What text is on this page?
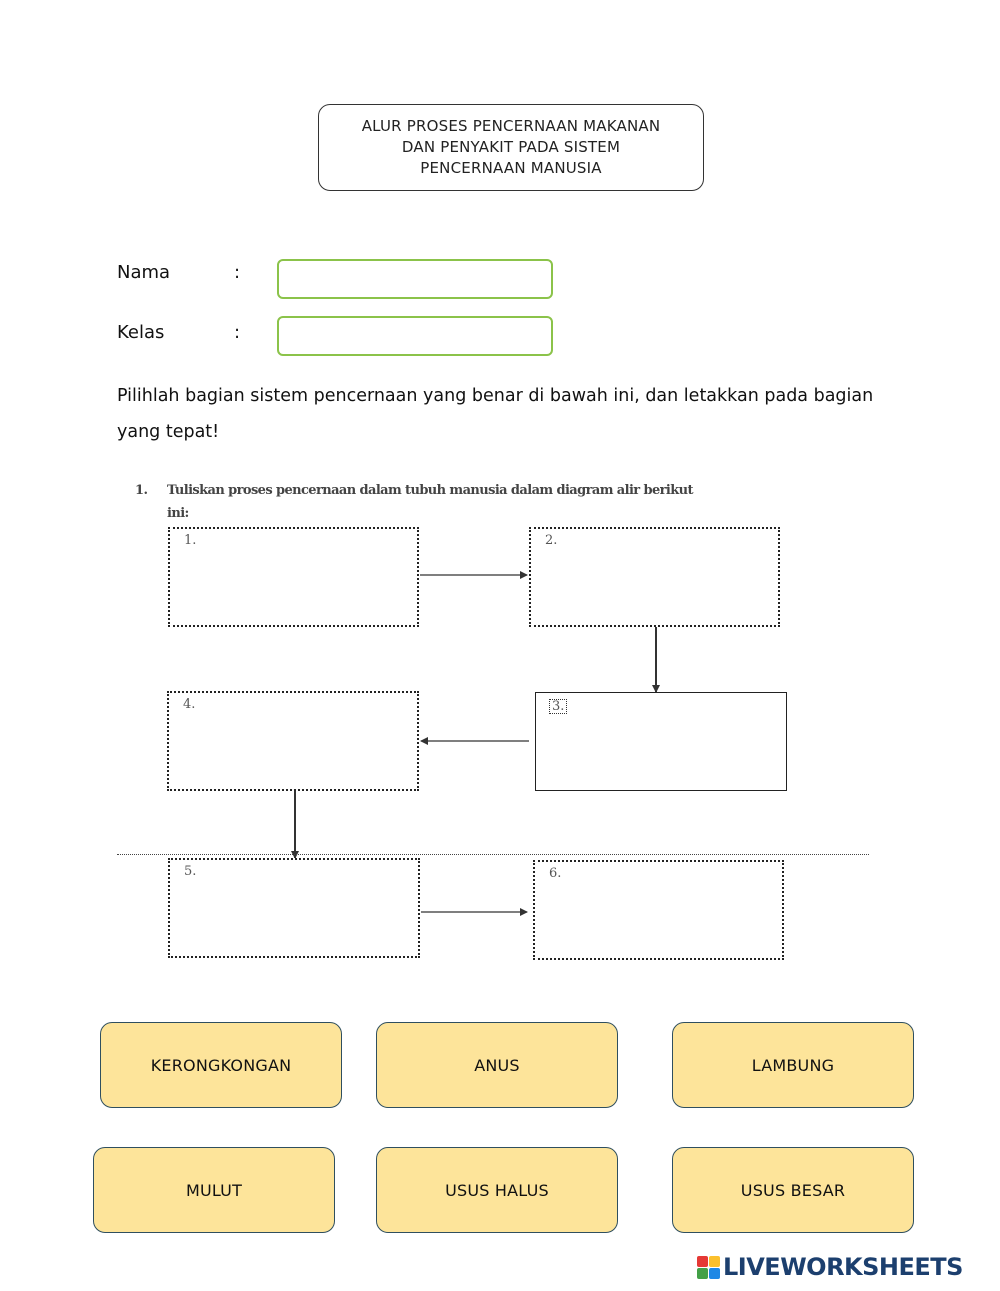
ALUR PROSES PENCERNAAN MAKANAN
DAN PENYAKIT PADA SISTEM
PENCERNAAN MANUSIA
Nama	:
Kelas	:
Pilihlah bagian sistem pencernaan yang benar di bawah ini, dan letakkan pada bagian yang tepat!
1. Tuliskan proses pencernaan dalam tubuh manusia dalam diagram alir berikut
ini:
1.	2.
3.
4.
5.	6.
KERONGKONGAN	ANUS	LAMBUNG
MULUT	USUS HALUS	USUS BESAR
LIVEWORKSHEETS
